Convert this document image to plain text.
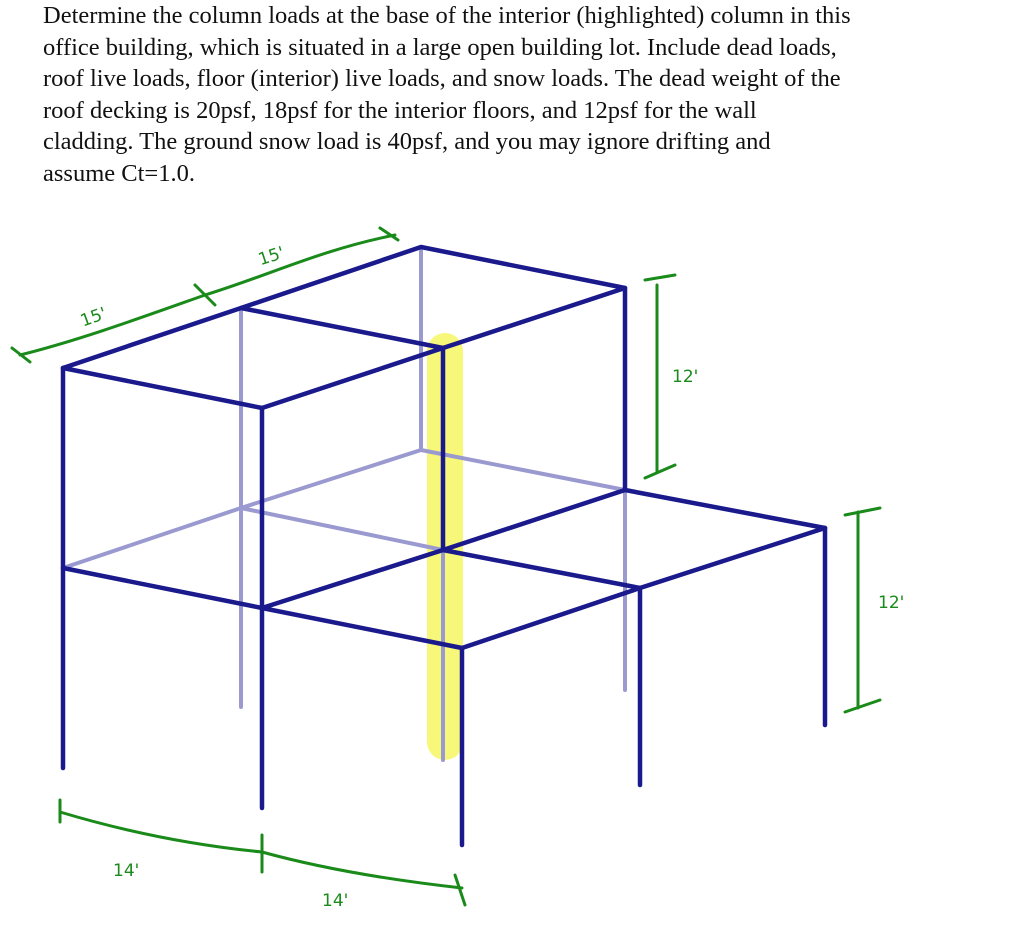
Determine the column loads at the base of the interior (highlighted) column in this
office building, which is situated in a large open building lot. Include dead loads,
roof live loads, floor (interior) live loads, and snow loads. The dead weight of the
roof decking is 20psf, 18psf for the interior floors, and 12psf for the wall
cladding. The ground snow load is 40psf, and you may ignore drifting and
assume Ct=1.0.
15'
15'
12'
12'
14'
14'
